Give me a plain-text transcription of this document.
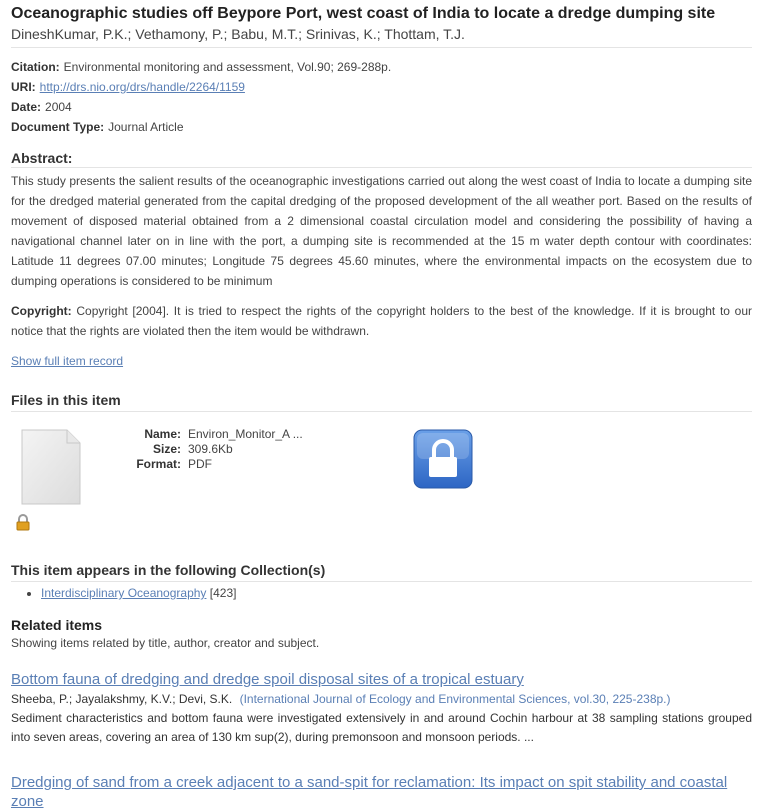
Oceanographic studies off Beypore Port, west coast of India to locate a dredge dumping site
DineshKumar, P.K.; Vethamony, P.; Babu, M.T.; Srinivas, K.; Thottam, T.J.
Citation: Environmental monitoring and assessment, Vol.90; 269-288p.
URI: http://drs.nio.org/drs/handle/2264/1159
Date: 2004
Document Type: Journal Article
Abstract:
This study presents the salient results of the oceanographic investigations carried out along the west coast of India to locate a dumping site for the dredged material generated from the capital dredging of the proposed development of the all weather port. Based on the results of movement of disposed material obtained from a 2 dimensional coastal circulation model and considering the possibility of having a navigational channel later on in line with the port, a dumping site is recommended at the 15 m water depth contour with coordinates: Latitude 11 degrees 07.00 minutes; Longitude 75 degrees 45.60 minutes, where the environmental impacts on the ecosystem due to dumping operations is considered to be minimum
Copyright: Copyright [2004]. It is tried to respect the rights of the copyright holders to the best of the knowledge. If it is brought to our notice that the rights are violated then the item would be withdrawn.
Show full item record
Files in this item
Name: Environ_Monitor_A ...
Size: 309.6Kb
Format: PDF
This item appears in the following Collection(s)
• Interdisciplinary Oceanography [423]
Related items
Showing items related by title, author, creator and subject.
Bottom fauna of dredging and dredge spoil disposal sites of a tropical estuary
Sheeba, P.; Jayalakshmy, K.V.; Devi, S.K. (International Journal of Ecology and Environmental Sciences, vol.30, 225-238p.)
Sediment characteristics and bottom fauna were investigated extensively in and around Cochin harbour at 38 sampling stations grouped into seven areas, covering an area of 130 km sup(2), during premonsoon and monsoon periods. ...
Dredging of sand from a creek adjacent to a sand-spit for reclamation: Its impact on spit stability and coastal zone
